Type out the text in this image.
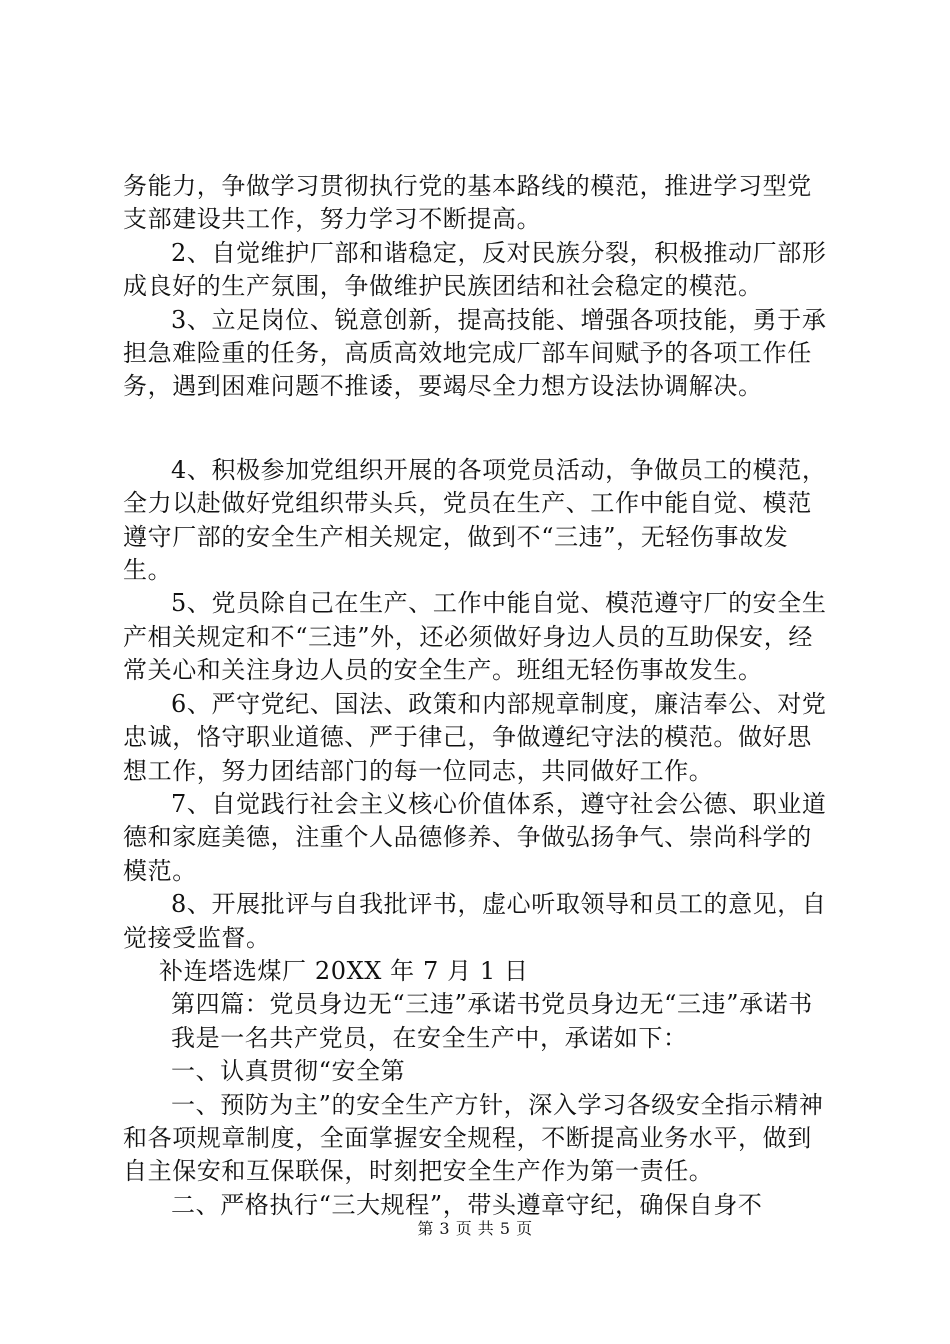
务能力，争做学习贯彻执行党的基本路线的模范，推进学习型党支部建设共工作，努力学习不断提高。

2、自觉维护厂部和谐稳定，反对民族分裂，积极推动厂部形成良好的生产氛围，争做维护民族团结和社会稳定的模范。

3、立足岗位、锐意创新，提高技能、增强各项技能，勇于承担急难险重的任务，高质高效地完成厂部车间赋予的各项工作任务，遇到困难问题不推诿，要竭尽全力想方设法协调解决。

4、积极参加党组织开展的各项党员活动，争做员工的模范，全力以赴做好党组织带头兵，党员在生产、工作中能自觉、模范遵守厂部的安全生产相关规定，做到不“三违”，无轻伤事故发生。

5、党员除自己在生产、工作中能自觉、模范遵守厂的安全生产相关规定和不“三违”外，还必须做好身边人员的互助保安，经常关心和关注身边人员的安全生产。班组无轻伤事故发生。

6、严守党纪、国法、政策和内部规章制度，廉洁奉公、对党忠诚，恪守职业道德、严于律己，争做遵纪守法的模范。做好思想工作，努力团结部门的每一位同志，共同做好工作。

7、自觉践行社会主义核心价值体系，遵守社会公德、职业道德和家庭美德，注重个人品德修养、争做弘扬争气、崇尚科学的模范。

8、开展批评与自我批评书，虚心听取领导和员工的意见，自觉接受监督。

补连塔选煤厂 20XX 年 7 月 1 日

第四篇：党员身边无“三违”承诺书党员身边无“三违”承诺书

我是一名共产党员，在安全生产中，承诺如下：

一、认真贯彻“安全第

一、预防为主”的安全生产方针，深入学习各级安全指示精神和各项规章制度，全面掌握安全规程，不断提高业务水平，做到自主保安和互保联保，时刻把安全生产作为第一责任。

二、严格执行“三大规程”，带头遵章守纪，确保自身不

第 3 页 共 5 页
